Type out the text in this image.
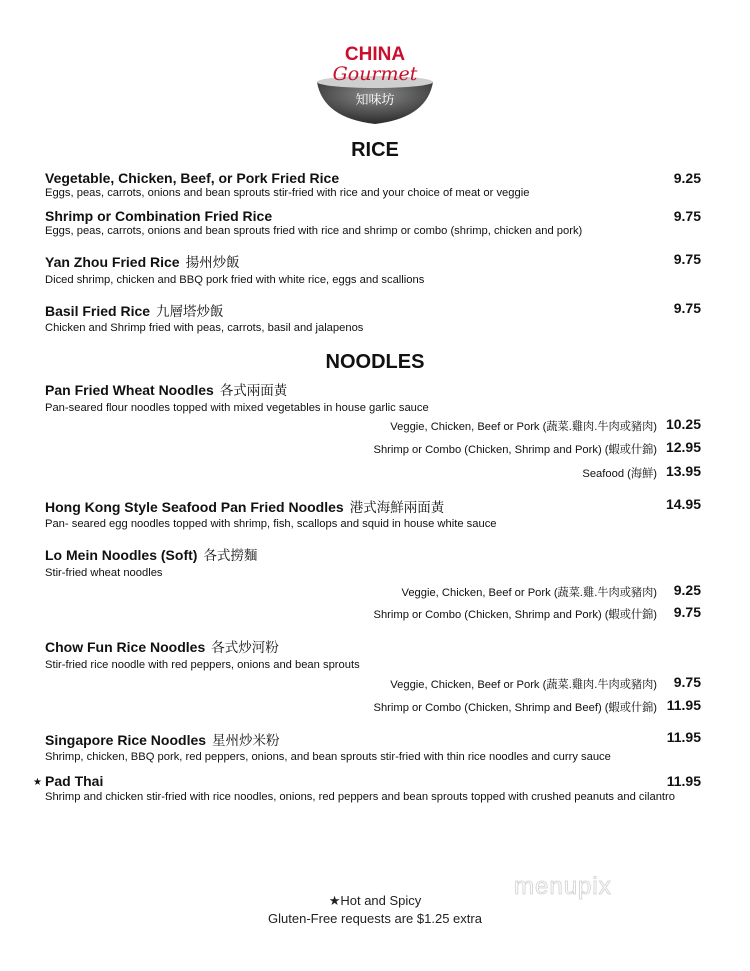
CHINA
Gourmet
知味坊
RICE
Vegetable, Chicken, Beef, or Pork Fried Rice	9.25
Eggs, peas, carrots, onions and bean sprouts stir-fried with rice and your choice of meat or veggie
Shrimp or Combination Fried Rice	9.75
Eggs, peas, carrots, onions and bean sprouts fried with rice and shrimp or combo (shrimp, chicken and pork)
Yan Zhou Fried Rice 揚州炒飯	9.75
Diced shrimp, chicken and BBQ pork fried with white rice, eggs and scallions
Basil Fried Rice 九層塔炒飯	9.75
Chicken and Shrimp fried with peas, carrots, basil and jalapenos
NOODLES
Pan Fried Wheat Noodles 各式兩面黃
Pan-seared flour noodles topped with mixed vegetables in house garlic sauce
Veggie, Chicken, Beef or Pork (蔬菜.雞肉.牛肉或豬肉) 10.25
Shrimp or Combo (Chicken, Shrimp and Pork) (蝦或什錦) 12.95
Seafood (海鮮) 13.95
Hong Kong Style Seafood Pan Fried Noodles 港式海鮮兩面黃	14.95
Pan- seared egg noodles topped with shrimp, fish, scallops and squid in house white sauce
Lo Mein Noodles (Soft) 各式撈麵
Stir-fried wheat noodles
Veggie, Chicken, Beef or Pork (蔬菜.雞.牛肉或豬肉) 9.25
Shrimp or Combo (Chicken, Shrimp and Pork) (蝦或什錦) 9.75
Chow Fun Rice Noodles 各式炒河粉
Stir-fried rice noodle with red peppers, onions and bean sprouts
Veggie, Chicken, Beef or Pork (蔬菜.雞肉.牛肉或豬肉) 9.75
Shrimp or Combo (Chicken, Shrimp and Beef) (蝦或什錦) 11.95
Singapore Rice Noodles 星州炒米粉	11.95
Shrimp, chicken, BBQ pork, red peppers, onions, and bean sprouts stir-fried with thin rice noodles and curry sauce
★ Pad Thai	11.95
Shrimp and chicken stir-fried with rice noodles, onions, red peppers and bean sprouts topped with crushed peanuts and cilantro
menupix
★Hot and Spicy
Gluten-Free requests are $1.25 extra
